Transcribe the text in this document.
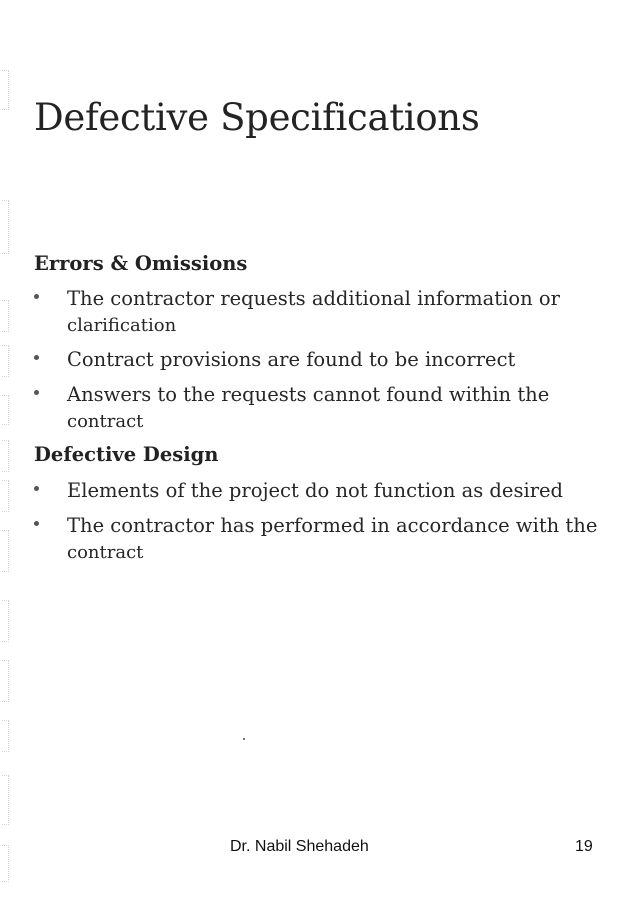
Defective Specifications
Errors & Omissions
The contractor requests additional information or
clarification
Contract provisions are found to be incorrect
Answers to the requests cannot found within the
contract
Defective Design
Elements of the project do not function as desired
The contractor has performed in accordance with the
contract
Dr. Nabil Shehadeh	19
